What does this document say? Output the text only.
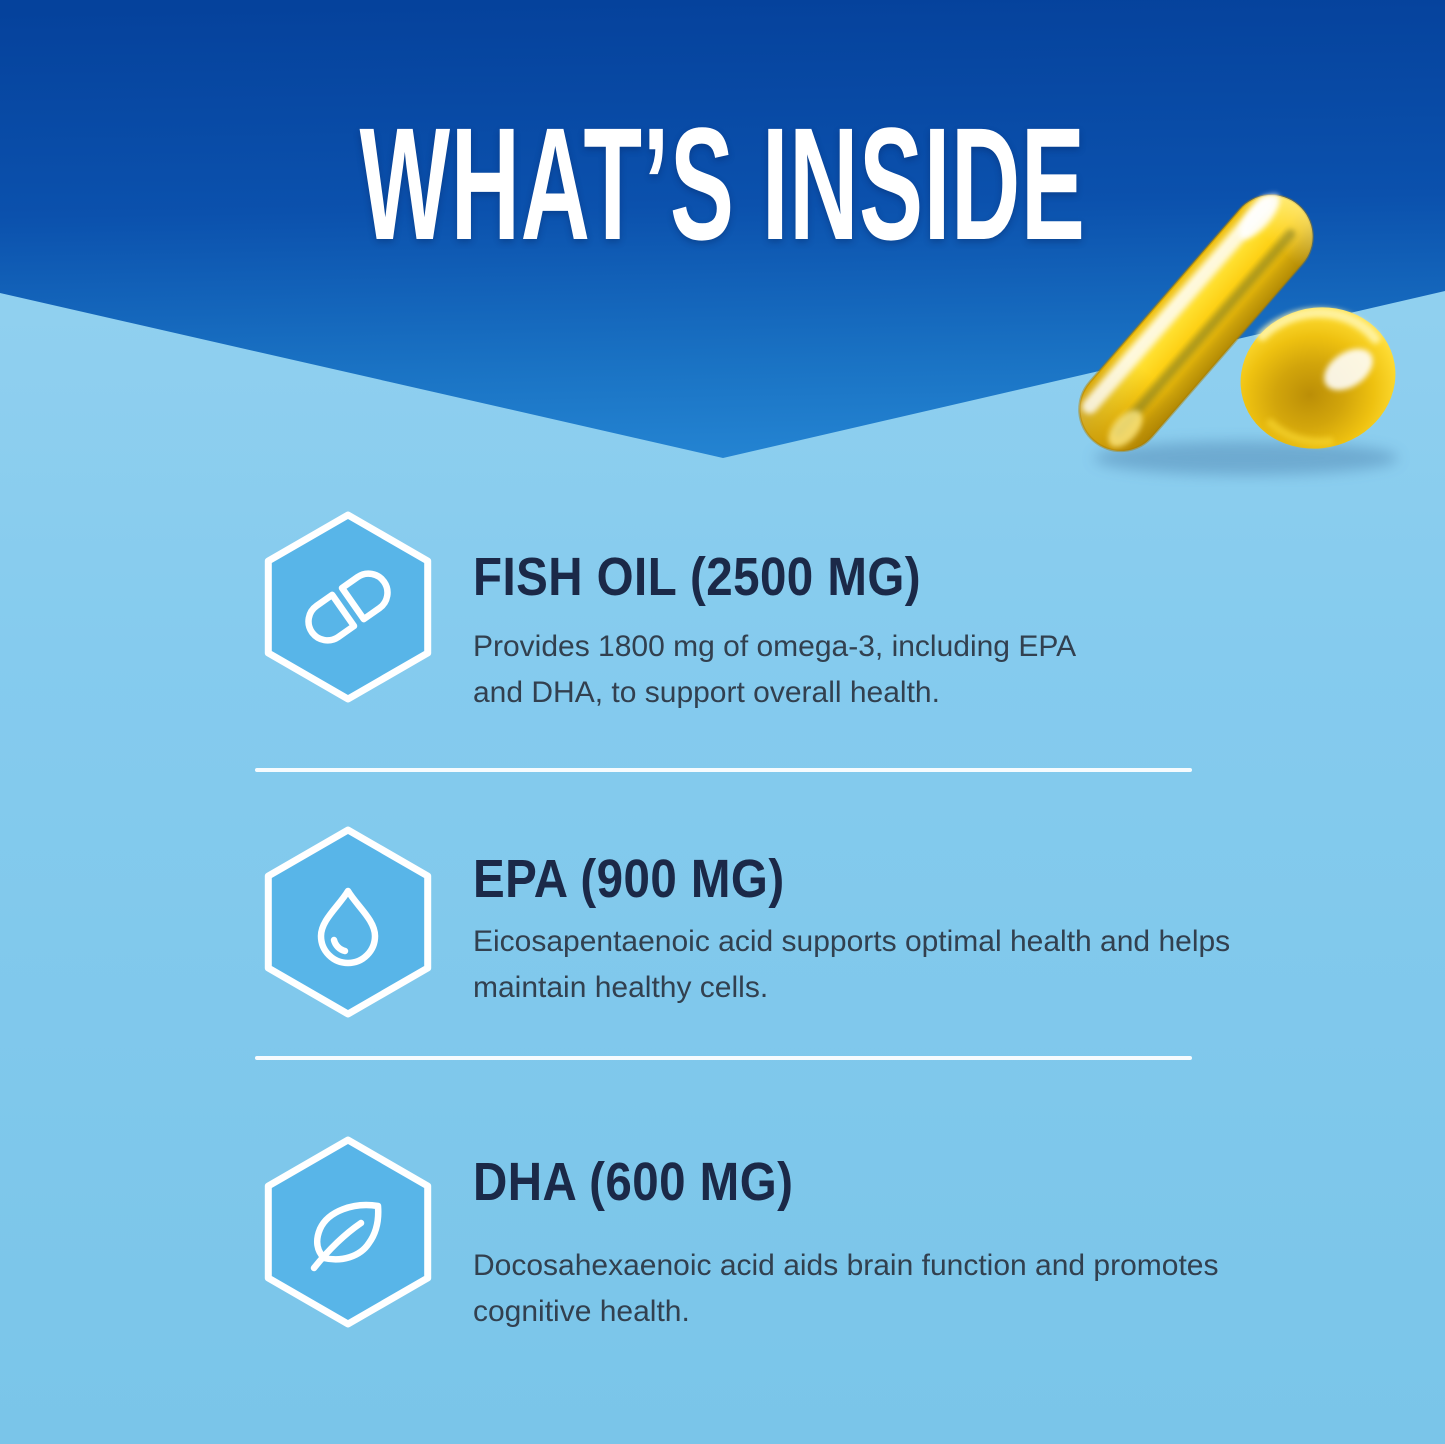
WHAT’S INSIDE
FISH OIL (2500 MG)
Provides 1800 mg of omega-3, including EPA
and DHA, to support overall health.
EPA (900 MG)
Eicosapentaenoic acid supports optimal health and helps
maintain healthy cells.
DHA (600 MG)
Docosahexaenoic acid aids brain function and promotes
cognitive health.
